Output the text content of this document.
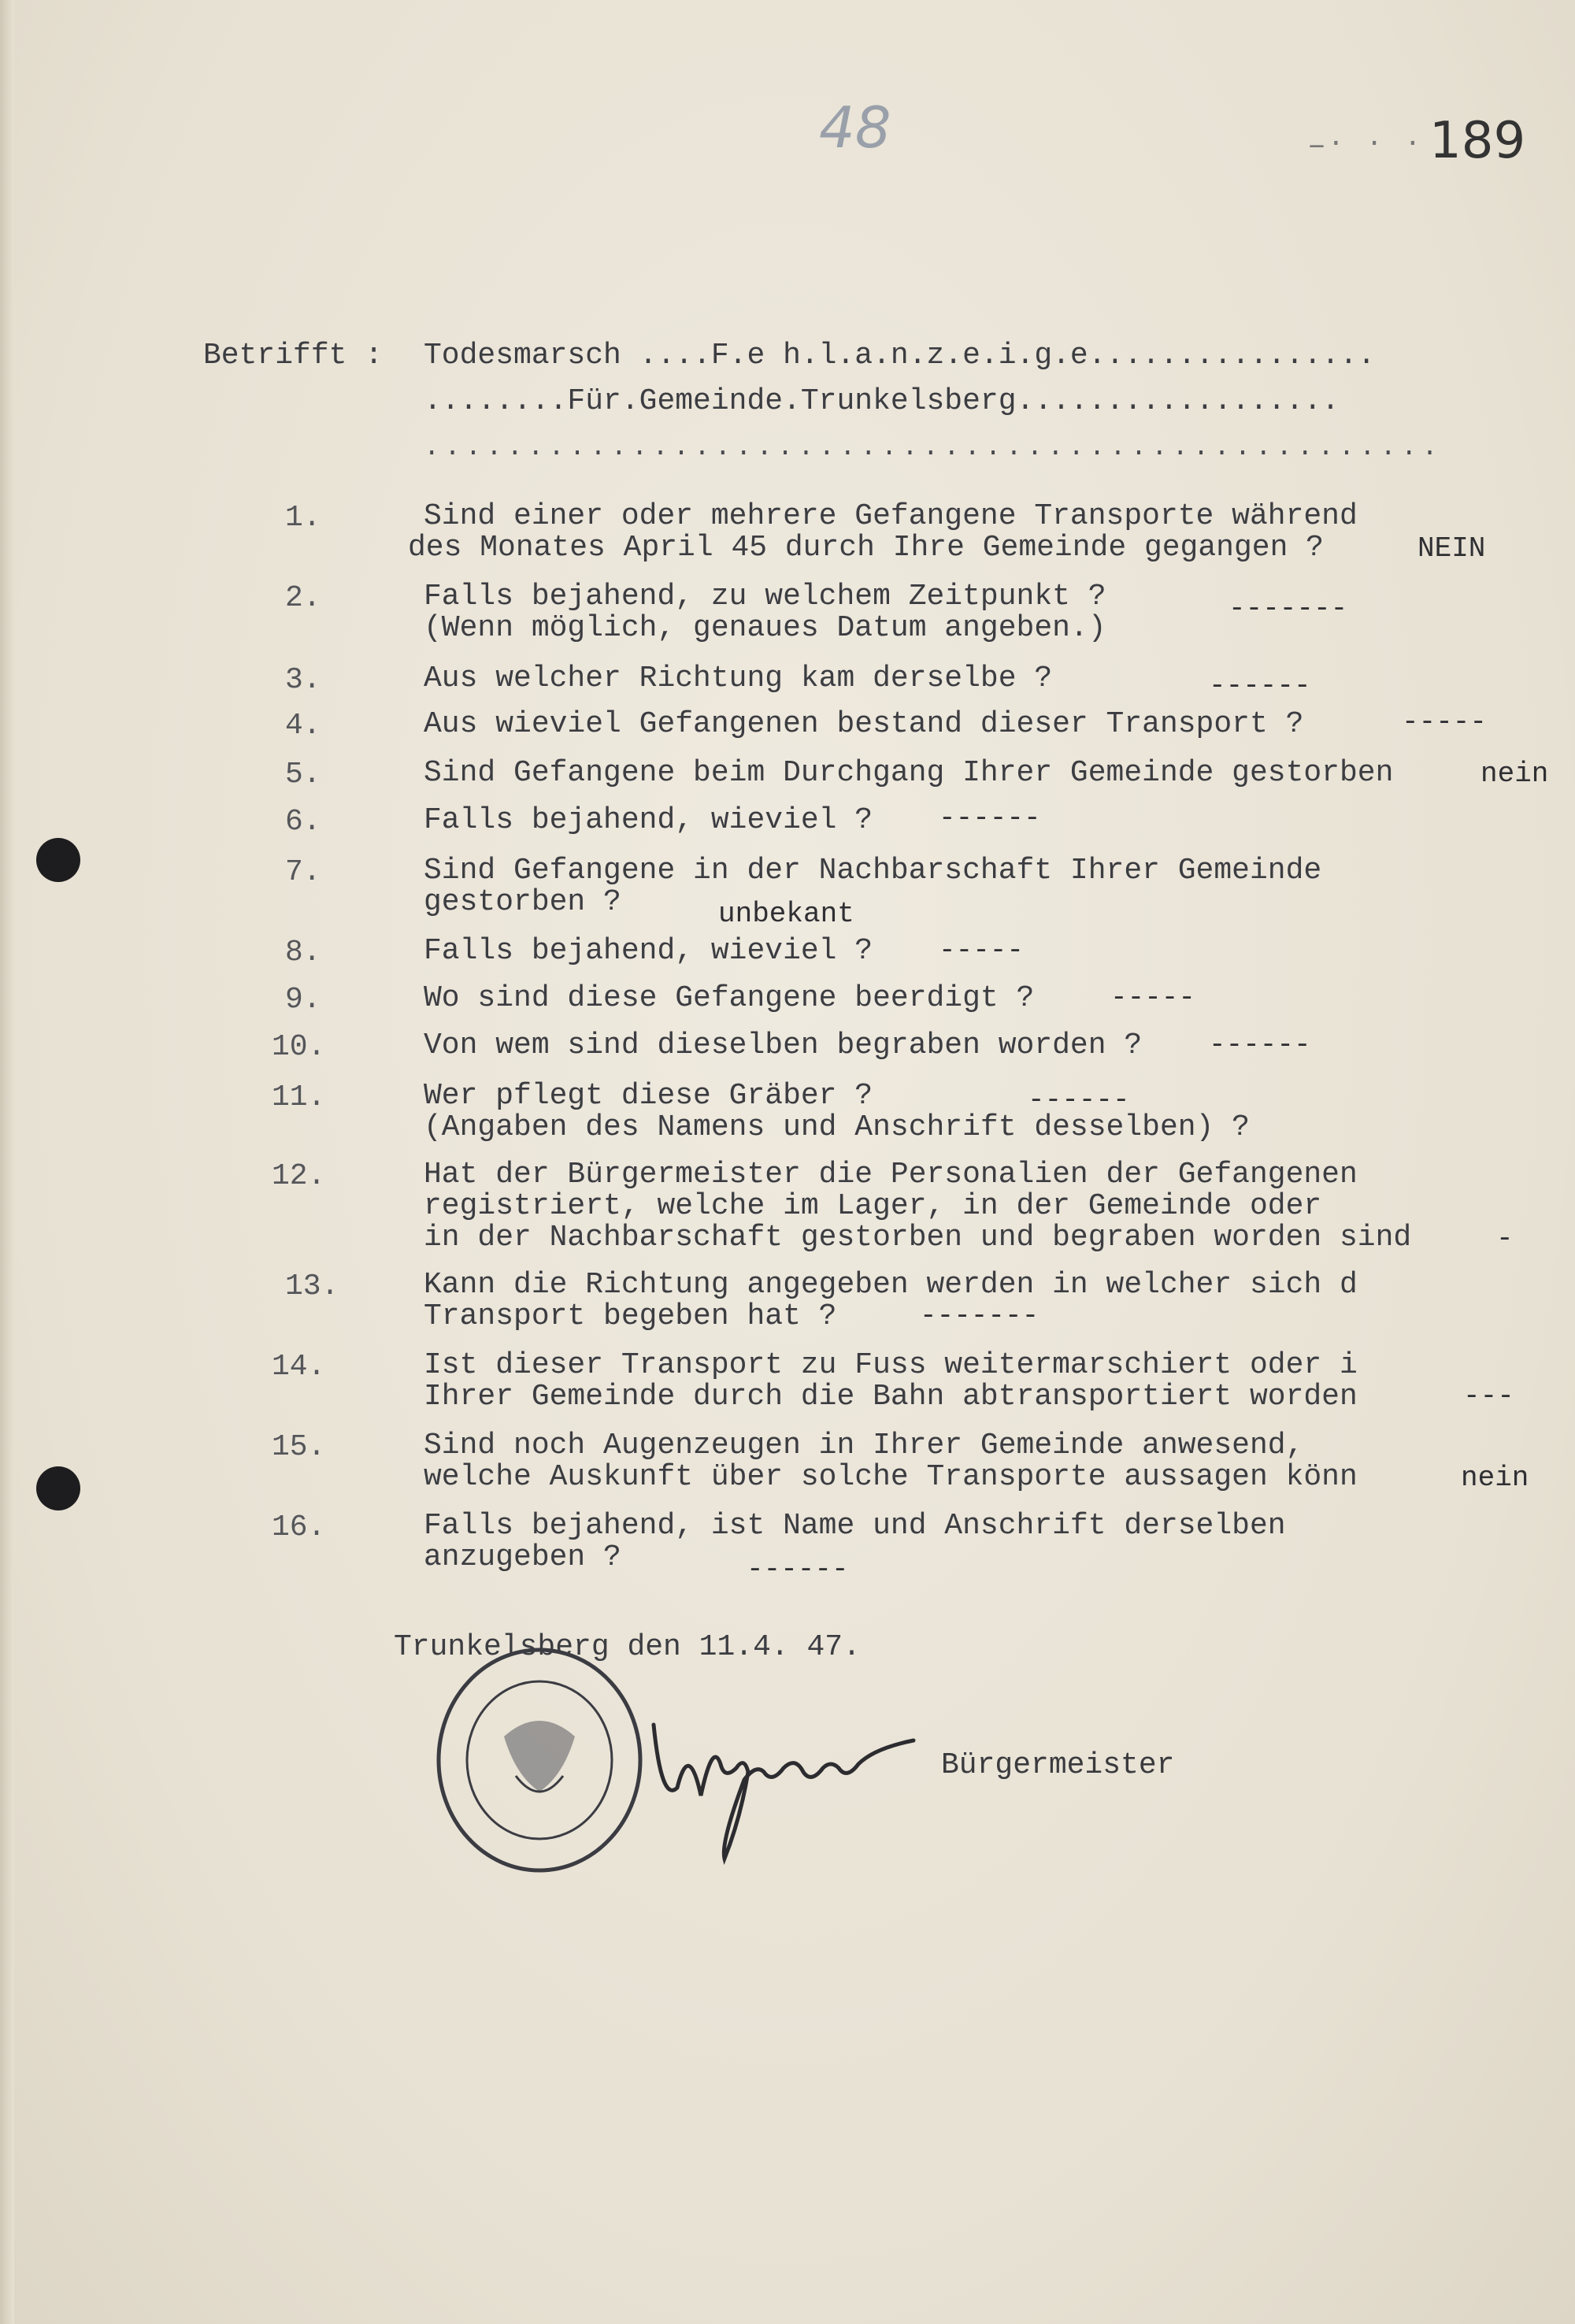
48	–‧ ‧ ‧ 189
Betrifft : Todesmarsch ....F.e h.l.a.n.z.e.i.g.e................
........Für.Gemeinde.Trunkelsberg..................
.................................................
1.	Sind einer oder mehrere Gefangene Transporte während
des Monates April 45 durch Ihre Gemeinde gegangen ?	NEIN
2.	Falls bejahend, zu welchem Zeitpunkt ?
(Wenn möglich, genaues Datum angeben.)
-------
3.	Aus welcher Richtung kam derselbe ?	------
4.	Aus wieviel Gefangenen bestand dieser Transport ?	-----
5.	Sind Gefangene beim Durchgang Ihrer Gemeinde gestorben	nein
6.	Falls bejahend, wieviel ? ------
7.	Sind Gefangene in der Nachbarschaft Ihrer Gemeinde
gestorben ?	unbekant
8.	Falls bejahend, wieviel ? -----
9.	Wo sind diese Gefangene beerdigt ?	-----
10.	Von wem sind dieselben begraben worden ? ------
11.	Wer pflegt diese Gräber ?
(Angaben des Namens und Anschrift desselben) ?
------
12.	Hat der Bürgermeister die Personalien der Gefangenen
registriert, welche im Lager, in der Gemeinde oder
in der Nachbarschaft gestorben und begraben worden sind	-
13.	Kann die Richtung angegeben werden in welcher sich d
Transport begeben hat ?	-------
14.	Ist dieser Transport zu Fuss weitermarschiert oder i
Ihrer Gemeinde durch die Bahn abtransportiert worden	---
15.	Sind noch Augenzeugen in Ihrer Gemeinde anwesend,
welche Auskunft über solche Transporte aussagen könn	nein
16.	Falls bejahend, ist Name und Anschrift derselben
anzugeben ?	------
Trunkelsberg den 11.4. 47.
Bürgermeister
